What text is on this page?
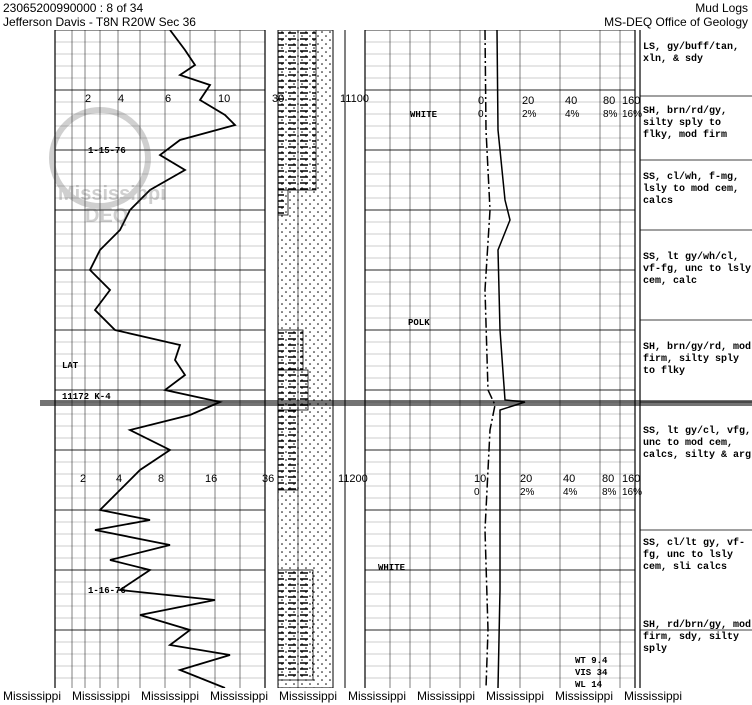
23065200990000 : 8 of 34
Jefferson Davis - T8N R20W Sec 36
Mud Logs
MS-DEQ Office of Geology
2 4	6	10	30
2	4	8	16	36
11100
11200
0	20	40 80 160
0	2%	4% 8% 16%
10	20	40 80 160
0	2%	4% 8% 16%
Mississippi
DEQ
1-15-76
LAT
11172 K-4
1-16-76
WHITE
POLK
WHITE
WT 9.4
VIS 34
WL 14
LS, gy/buff/tan, xln, & sdy
SH, brn/rd/gy, silty sply to flky, mod firm
SS, cl/wh, f-mg, lsly to mod cem, calcs
SS, lt gy/wh/cl, vf-fg, unc to lsly cem, calc
SH, brn/gy/rd, mod firm, silty sply to flky
SS, lt gy/cl, vfg, unc to mod cem, calcs, silty & arg
SS, cl/lt gy, vf-fg, unc to lsly cem, sli calcs
SH, rd/brn/gy, mod firm, sdy, silty sply
Mississippi Mississippi Mississippi Mississippi Mississippi Mississippi Mississippi Mississippi Mississippi Mississippi
